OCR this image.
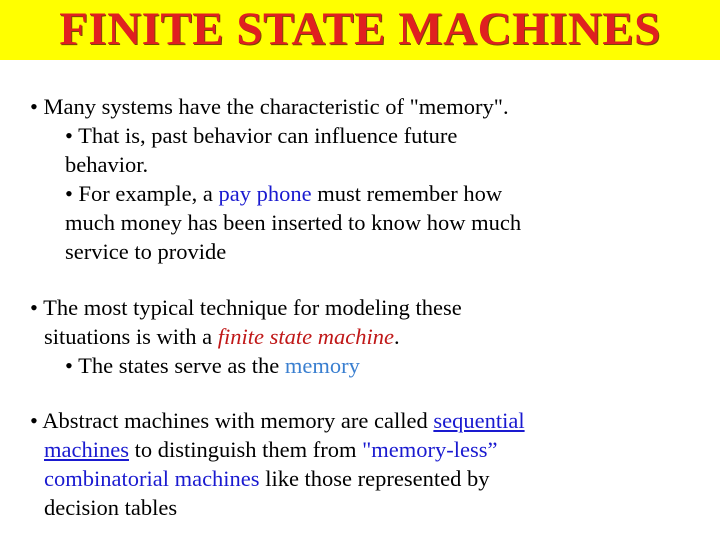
FINITE STATE MACHINES
• Many systems have the characteristic of "memory".
• That is, past behavior can influence future
behavior.
• For example, a pay phone must remember how
much money has been inserted to know how much
service to provide
• The most typical technique for modeling these
situations is with a finite state machine.
• The states serve as the memory
• Abstract machines with memory are called sequential
machines to distinguish them from "memory-less”
combinatorial machines like those represented by
decision tables
